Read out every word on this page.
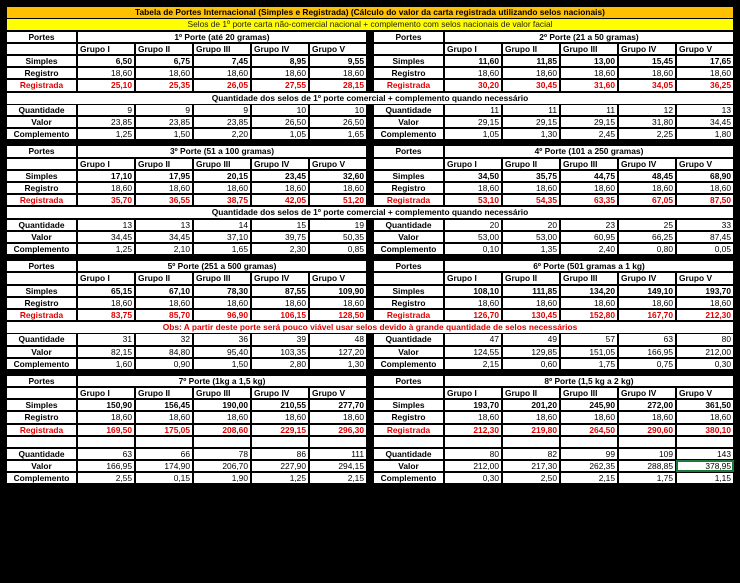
Tabela de Portes Internacional (Simples e Registrada) (Cálculo do valor da carta registrada utilizando selos nacionais)
Selos de 1º porte carta não-comercial nacional + complemento com selos nacionais de valor facial
Portes	1º Porte (até 20 gramas)	Portes	2º Porte (21 a 50 gramas)
Grupo I	Grupo II	Grupo III	Grupo IV	Grupo V	Grupo I	Grupo II	Grupo III	Grupo IV	Grupo V
Simples	6,50	6,75	7,45	8,95	9,55	Simples	11,60	11,85	13,00	15,45	17,65
Registro	18,60	18,60	18,60	18,60	18,60	Registro	18,60	18,60	18,60	18,60	18,60
Registrada	25,10	25,35	26,05	27,55	28,15	Registrada	30,20	30,45	31,60	34,05	36,25
Quantidade dos selos de 1º porte comercial + complemento quando necessário
Quantidade	9	9	9	10	10	Quantidade	11	11	11	12	13
Valor	23,85	23,85	23,85	26,50	26,50	Valor	29,15	29,15	29,15	31,80	34,45
Complemento	1,25	1,50	2,20	1,05	1,65	Complemento	1,05	1,30	2,45	2,25	1,80
Portes	3º Porte (51 a 100 gramas)	Portes	4º Porte (101 a 250 gramas)
Grupo I	Grupo II	Grupo III	Grupo IV	Grupo V	Grupo I	Grupo II	Grupo III	Grupo IV	Grupo V
Simples	17,10	17,95	20,15	23,45	32,60	Simples	34,50	35,75	44,75	48,45	68,90
Registro	18,60	18,60	18,60	18,60	18,60	Registro	18,60	18,60	18,60	18,60	18,60
Registrada	35,70	36,55	38,75	42,05	51,20	Registrada	53,10	54,35	63,35	67,05	87,50
Quantidade dos selos de 1º porte comercial + complemento quando necessário
Quantidade	13	13	14	15	19	Quantidade	20	20	23	25	33
Valor	34,45	34,45	37,10	39,75	50,35	Valor	53,00	53,00	60,95	66,25	87,45
Complemento	1,25	2,10	1,65	2,30	0,85	Complemento	0,10	1,35	2,40	0,80	0,05
Portes	5º Porte (251 a 500 gramas)	Portes	6º Porte (501 gramas a 1 kg)
Grupo I	Grupo II	Grupo III	Grupo IV	Grupo V	Grupo I	Grupo II	Grupo III	Grupo IV	Grupo V
Simples	65,15	67,10	78,30	87,55	109,90	Simples	108,10	111,85	134,20	149,10	193,70
Registro	18,60	18,60	18,60	18,60	18,60	Registro	18,60	18,60	18,60	18,60	18,60
Registrada	83,75	85,70	96,90	106,15	128,50	Registrada	126,70	130,45	152,80	167,70	212,30
Obs: A partir deste porte será pouco viável usar selos devido à grande quantidade de selos necessários
Quantidade	31	32	36	39	48	Quantidade	47	49	57	63	80
Valor	82,15	84,80	95,40	103,35	127,20	Valor	124,55	129,85	151,05	166,95	212,00
Complemento	1,60	0,90	1,50	2,80	1,30	Complemento	2,15	0,60	1,75	0,75	0,30
Portes	7º Porte (1kg a 1,5 kg)	Portes	8º Porte (1,5 kg a 2 kg)
Grupo I	Grupo II	Grupo III	Grupo IV	Grupo V	Grupo I	Grupo II	Grupo III	Grupo IV	Grupo V
Simples	150,90	156,45	190,00	210,55	277,70	Simples	193,70	201,20	245,90	272,00	361,50
Registro	18,60	18,60	18,60	18,60	18,60	Registro	18,60	18,60	18,60	18,60	18,60
Registrada	169,50	175,05	208,60	229,15	296,30	Registrada	212,30	219,80	264,50	290,60	380,10
Quantidade	63	66	78	86	111	Quantidade	80	82	99	109	143
Valor	166,95	174,90	206,70	227,90	294,15	Valor	212,00	217,30	262,35	288,85	378,95
Complemento	2,55	0,15	1,90	1,25	2,15	Complemento	0,30	2,50	2,15	1,75	1,15
